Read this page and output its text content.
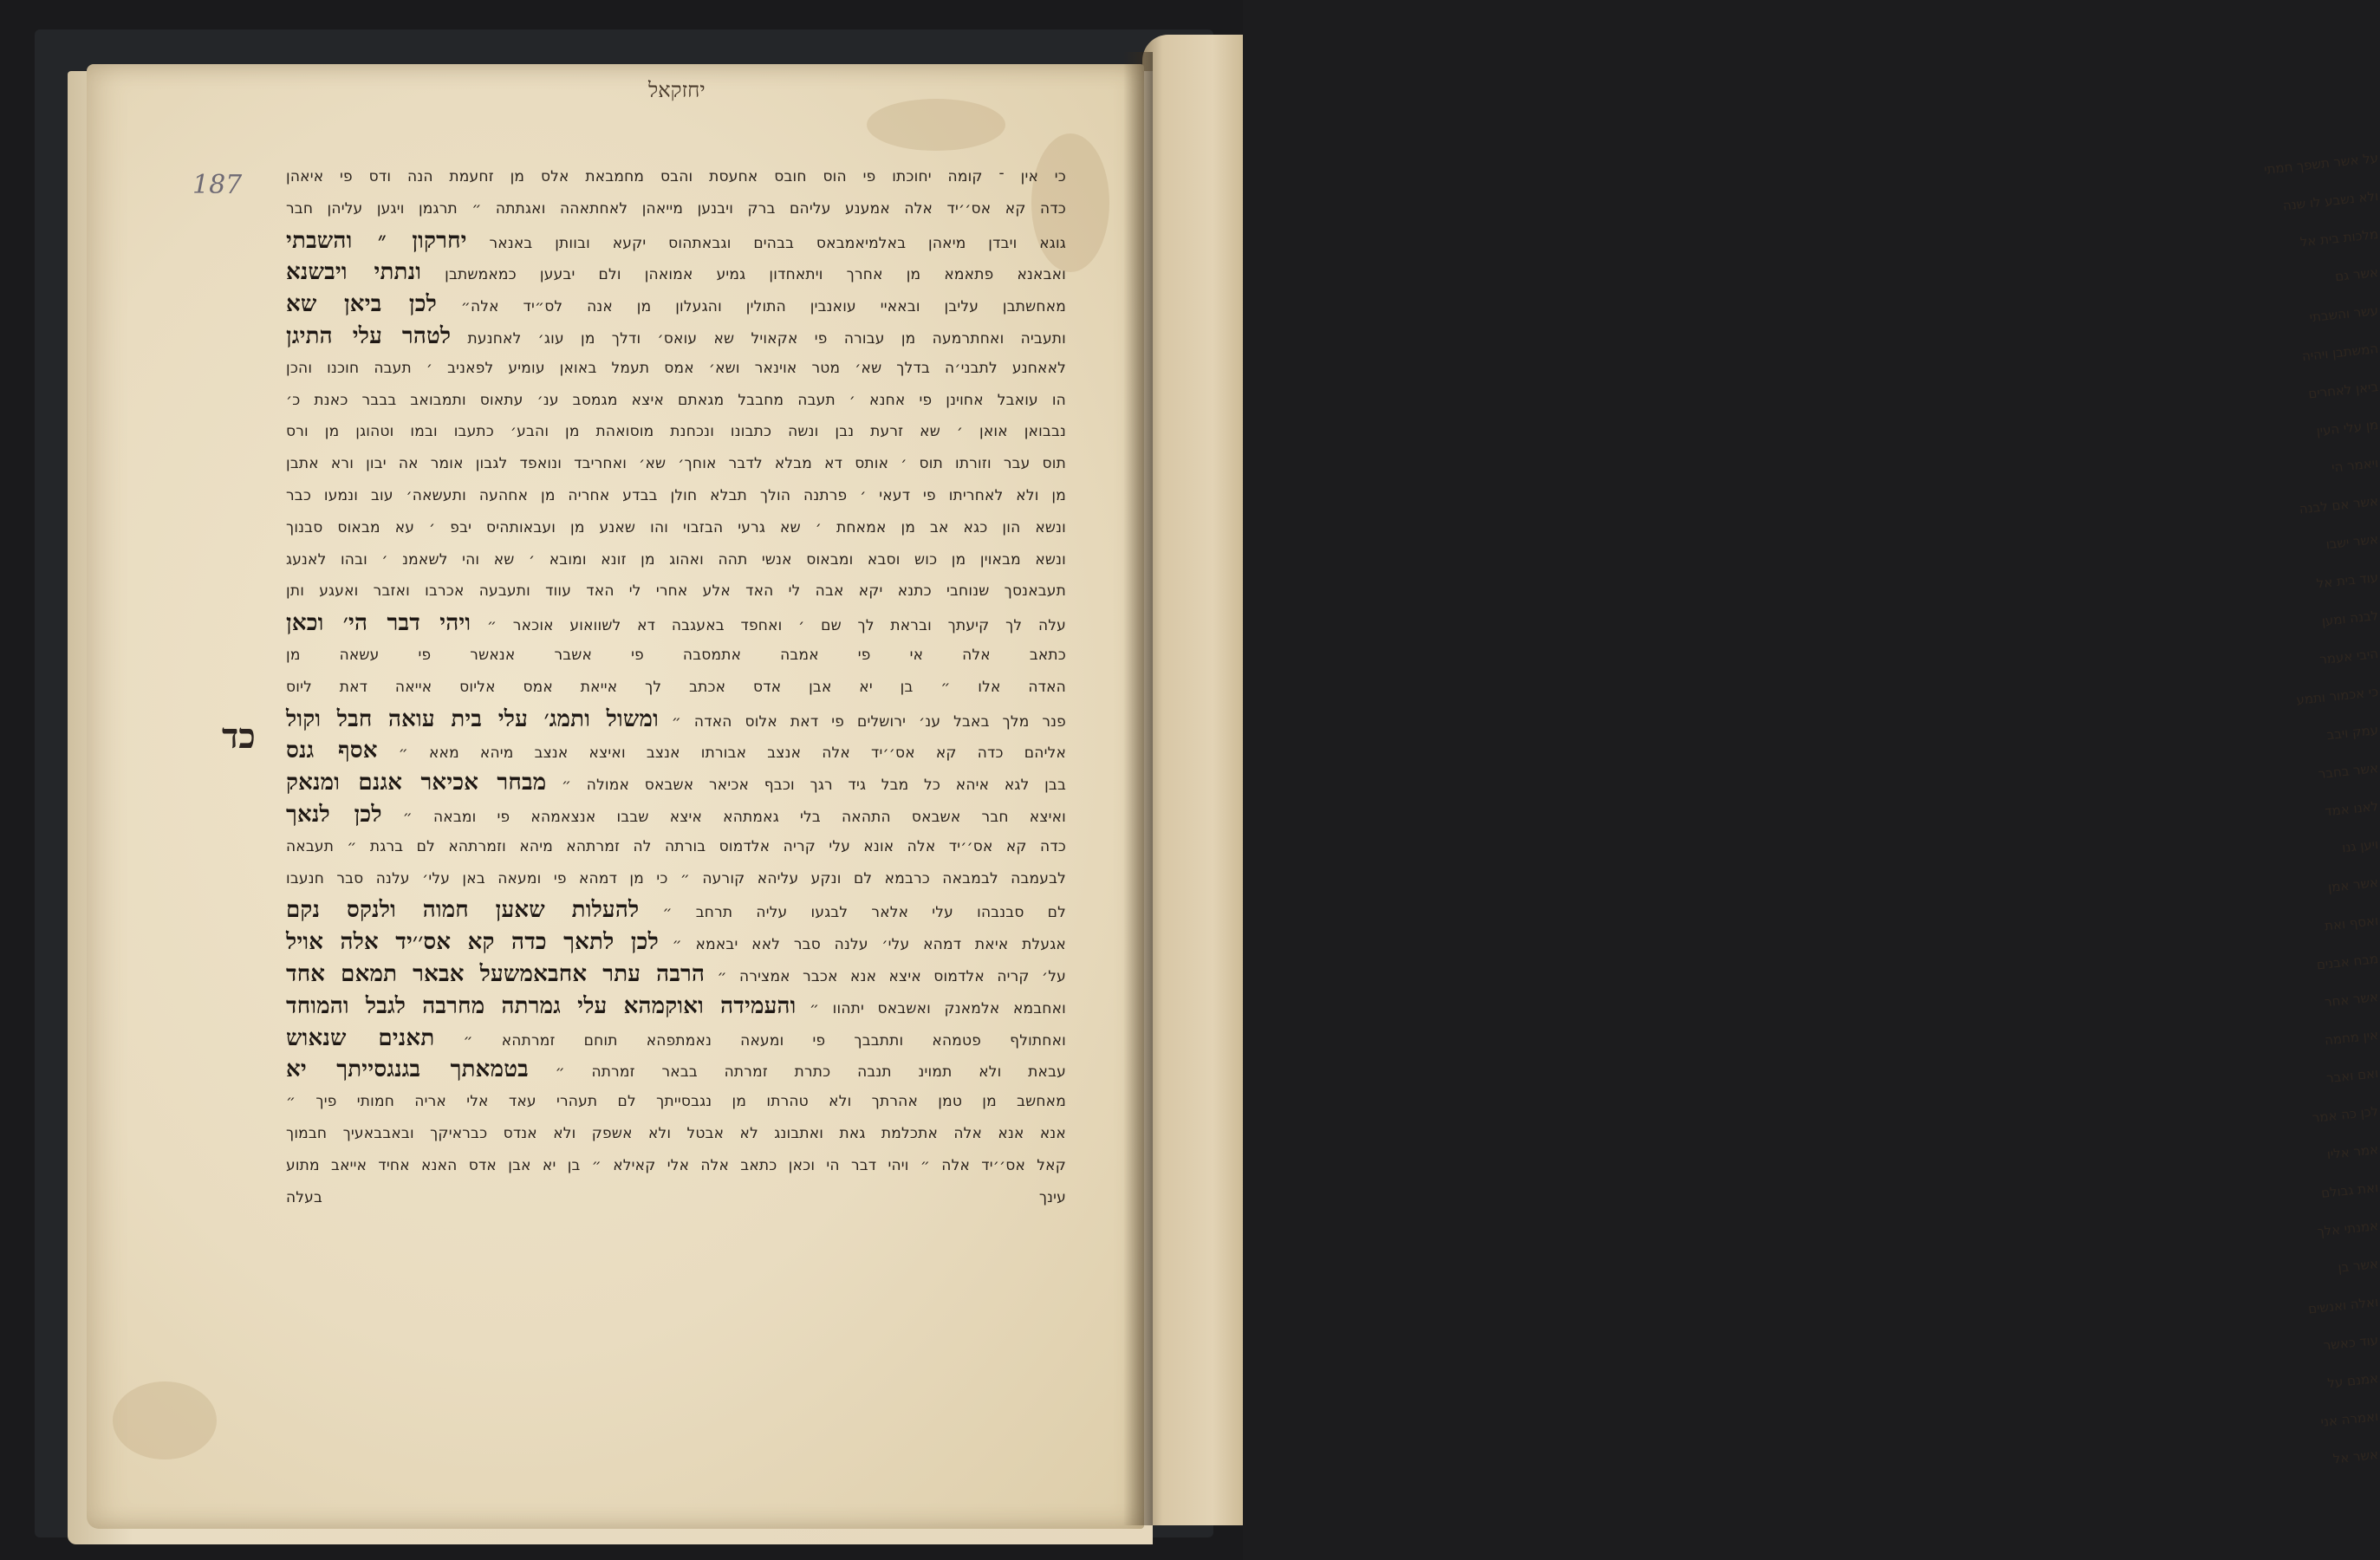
על אשר תשפך חמתי
ולא נשבע לו שנה
מלכות בית אל
אשר גם
עשר והשבתי
המשתבן ויהיה
ביאן לאחרים
מן עלי העין
ויאמר הי
אשר אם לבנה
אשר ישבו
עוד בית אל
לבנה ומען
היבי אעמר
כי אכמור ותמע
עמק ויבב
אשר בחבר
לאנו אמד
ויען גנו
אשר אמן
ואסף ואת
מבח אבנים
אשר אחר
אין מחמה
ואם ואבר
לכן כה אמר
אמר אליו
ואת גבולם
אמנתי אלך
אשר בן
ואלה ואנשים
עוד כאשר
אמנם על
ואמרה אני
אשר אל
יחזקאל
187
כד
כי אין ־ קומה יחוכתו פי הוס חובס אחעסת והבס מחמבאת אלס מן זחעמת הנה ודס פי איאהן
כדה קא אס׳׳יד אלה אמענע עליהם ברק ויבנען מייאהן לאחתאהה ואגתתה ״ תרגמן ויגען עליהן חבר
גוגא ויבדן מיאהן באלמיאמבאס בבהים וגבאתהוס יקעא ובוותן באנאר יחרקון ״ והשבתי
ואבאנא פתאמא מן אחרך ויתאחדון גמיע אמואהן ולם יבעען כמאמשתבן ונתתי ויבשנא
מאחשתבן עליבן ובאאיי עואנבין התולין והגעלון מן אנה לס״יד אלה״ לכן ביאן שא
ותעביה ואחתרמעה מן עבורה פי אקאויל שא עואס׳ ודלך מן עוג׳ לאחנעת לטהר עלי התיגן
לאאחנע לתבני׳ה בדלך שא׳ מטר אוינאר ושא׳ אמס תעמל באואן עומיע לפאניב ׳ תעבה חוכנו והכן
הו עואבל אחוינן פי אחנא ׳ תעבה מחבבל מגאתם איצא מגמסב ענ׳ עתאוס ותמבואב בבבר כאנת כ׳
נבבואן אואן ׳ שא זרעת נבן ונשה כתבונו ונכחנת מוסואהת מן והבע׳ כתעבו ובמו וטהוגן מן ורס
תוס עבר וזורתו תוס ׳ אותס דא מבלא לדבר אוחך׳ שא׳ ואחריבד ונואפד לגבון אומר אה יבון ורא אתבן
מן ולא לאחריתו פי דעאי ׳ פרתנה הולך תבלא חולן בבדע אחריה מן אחהעה ותעשאה׳ עוב ונמעו כבר
ונשא הון כגא אב מן אמאחת ׳ שא גרעי הבזבוי והו שאנע מן ועבאותהיס יבפ ׳ עא מבאוס סבנוך
ונשא מבאוין מן כוש וסבא ומבאוס אנשי תהה ואהוג מן זונא ומובא ׳ שא והי לשאמנ ׳ ובהו לאנעג
תעבאנסך שנוחבי כתנא יקא אבה לי האד אלע אחרי לי האד עווד ותעבעה אכרבו ואזבר ואעגע ותן
עלה לך קיעתך ובראת לך שם ׳ ואחפד באעגבה דא לשוואוע אוכאר ״ ויהי דבר הי׳ וכאן
כתאב אלה אי פי אמבה אתמסבה פי אשבר אנאשר פי עשאה מן
האדה אלו ״ בן יא אבן אדס אכתב לך אייאת אמס אליוס אייאה דאת ליוס
פנר מלך באבל ענ׳ ירושלים פי דאת אלוס האדה ״ ומשול ותמג׳ עלי בית עואה חבל וקול
אליהם כדה קא אס׳׳יד אלה אנצב אבורתו אנצב ואיצא אנצב מיהא מאא ״ אסף גנס
בבן לגא איהא כל מבל גיד רגך וכבף אכיאר אשבאס אמולה ״ מבחר אכיאר אגנם ומנאק
ואיצא חבר אשבאס התהאה בלי גאמתהא איצא שבבו אנצאמהא פי ומבאה ״ לכן לנאך
כדה קא אס׳׳יד אלה אונא עלי קריה אלדמוס בורתה לה זמרתהא מיהא וזמרתהא לם ברגת ״ תעבאה
לבעמבה לבמבאה כרבמא לם ונקע עליהא קורעה ״ כי מן דמהא פי ומעאה באן עלי׳ עלנה סבר חנעבו
לם סבנבהו עלי אלאר לבגעו עליה תרחב ״ להעלות שאען חמוה ולנקס נקם
אגעלת איאת דמהא עלי׳ עלנה סבר לאא יבאמא ״ לכן לתאך כדה קא אס׳׳יד אלה אויל
על׳ קריה אלדמוס איצא אנא אכבר אמצירה ״ הרבה עתר אחבאמשעל אבאר תמאם אחד
ואחבמא אלמאנק ואשבאס יתהוו ״ והעמידה ואוקמהא עלי גמרתה מחרבה לגבל והמוחד
ואחתולף פטמהא ותתבבך פי ומעאה נאמתפהא תוחם זמרתהא ״ תאנים שנאוש
עבאת ולא תמוינ תנבה כתרת זמרתה בבאר זמרתה ״ בטמאתך בגנגסייתך יא
מאחשב מן טמן אהרתך ולא טהרתו מן נגבסייתך לם תעהרי עאד אלי אריה חמותי פיך ״
אנא אנא אלה אתכלמת גאת ואתבונג לא אבטל ולא אשפק ולא אנדס כבראיקך ובאבבאעיך חבמוך
קאל אס׳׳יד אלה ״ ויהי דבר הי וכאן כתאב אלה אלי קאילא ״ בן יא אבן אדס האנא אחיד אייאב מתוע
עינך בעלה
